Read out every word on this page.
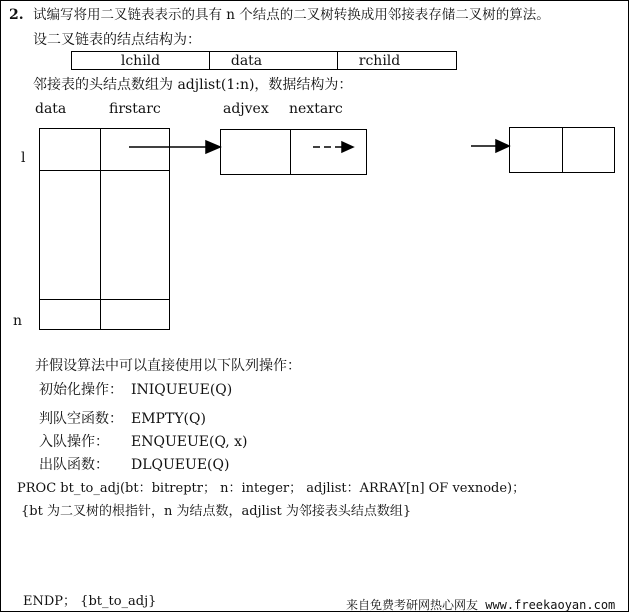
2. 试编写将用二叉链表表示的具有 n 个结点的二叉树转换成用邻接表存储二叉树的算法。
设二叉链表的结点结构为：
lchild	data	rchild
邻接表的头结点数组为 adjlist(1:n)，数据结构为：
data	firstarc	adjvex nextarc
l
n
并假设算法中可以直接使用以下队列操作：
初始化操作： INIQUEUE(Q)
判队空函数： EMPTY(Q)
入队操作： ENQUEUE(Q, x)
出队函数： DLQUEUE(Q)
PROC bt_to_adj(bt：bitreptr； n：integer； adjlist：ARRAY[n] OF vexnode)；
{bt 为二叉树的根指针，n 为结点数，adjlist 为邻接表头结点数组}
ENDP； {bt_to_adj}	来自免费考研网热心网友 www.freekaoyan.com
